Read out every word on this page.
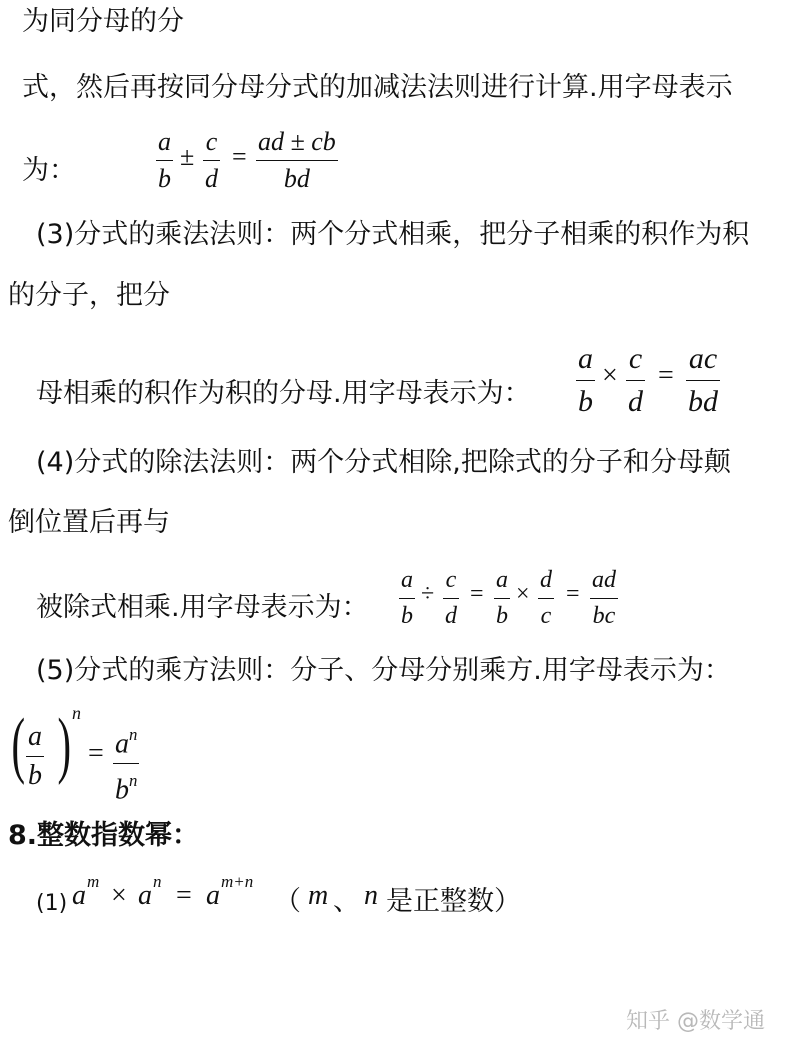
为同分母的分
式，然后再按同分母分式的加减法法则进行计算.用字母表示
为：	$\frac{a}{b} \pm \frac{c}{d} = \frac{ad \pm cb}{bd}$
(3)分式的乘法法则：两个分式相乘，把分子相乘的积作为积
的分子，把分
母相乘的积作为积的分母.用字母表示为： $\frac{a}{b} \times \frac{c}{d} = \frac{ac}{bd}$
(4)分式的除法法则：两个分式相除,把除式的分子和分母颠
倒位置后再与
被除式相乘.用字母表示为： $\frac{a}{b} \div \frac{c}{d} = \frac{a}{b} \times \frac{d}{c} = \frac{ad}{bc}$
(5)分式的乘方法则：分子、分母分别乘方.用字母表示为：
( $\frac{a}{b}$ ) n
= $\frac{a^n}{b^n}$
8.整数指数幂：
(1) a m × a n = a m+n
（ m 、 n 是正整数）
知乎 @数学通
